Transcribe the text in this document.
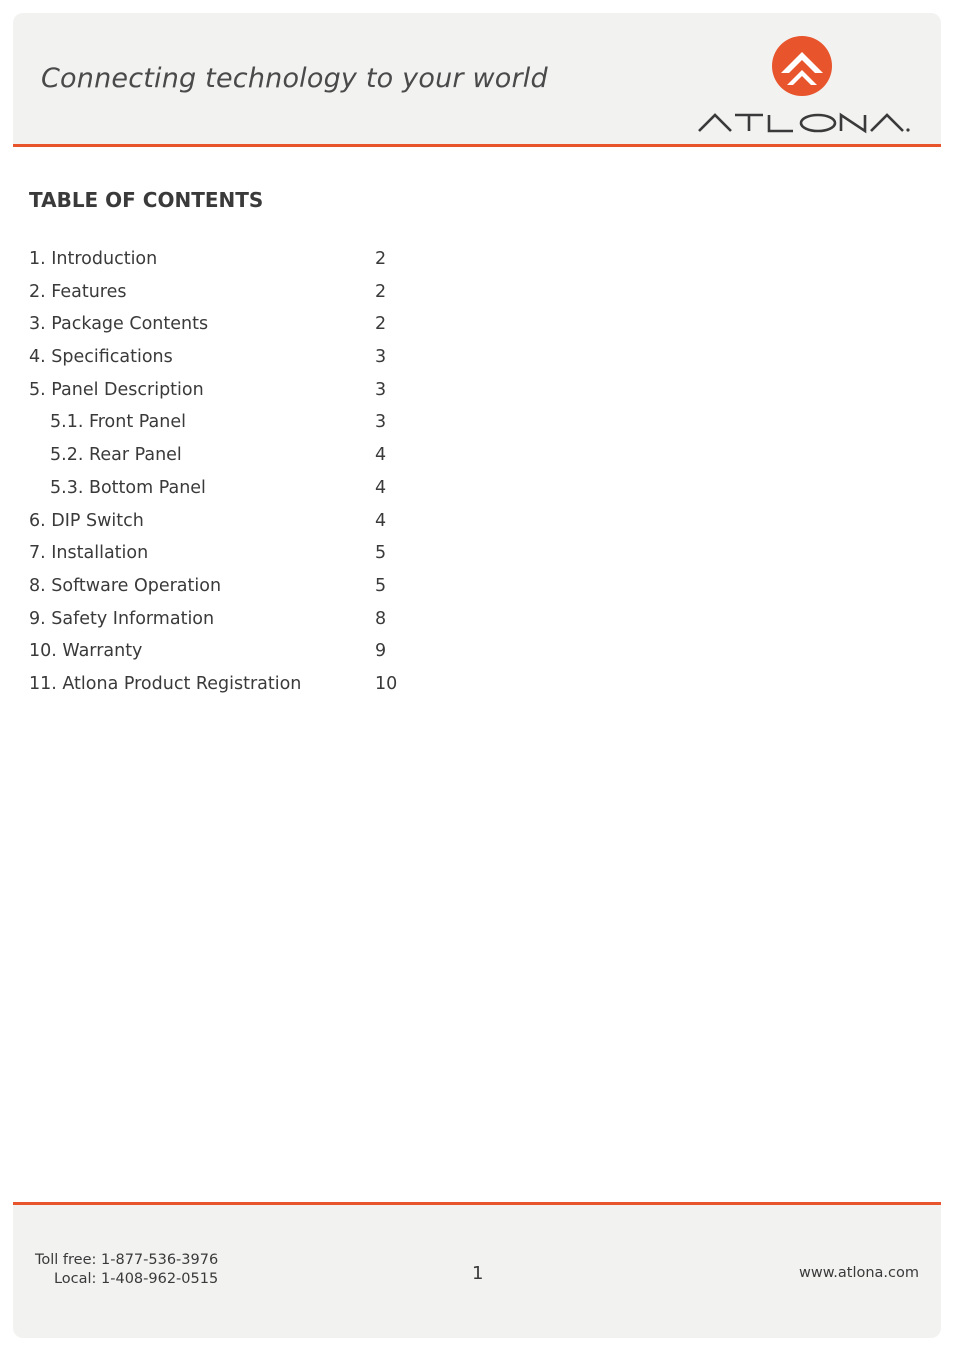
Connecting technology to your world
TABLE OF CONTENTS
1. Introduction	2
2. Features	2
3. Package Contents	2
4. Specifications	3
5. Panel Description	3
5.1. Front Panel	3
5.2. Rear Panel	4
5.3. Bottom Panel	4
6. DIP Switch	4
7. Installation	5
8. Software Operation	5
9. Safety Information	8
10. Warranty	9
11. Atlona Product Registration	10
Toll free: 1-877-536-3976
Local: 1-408-962-0515	1	www.atlona.com
